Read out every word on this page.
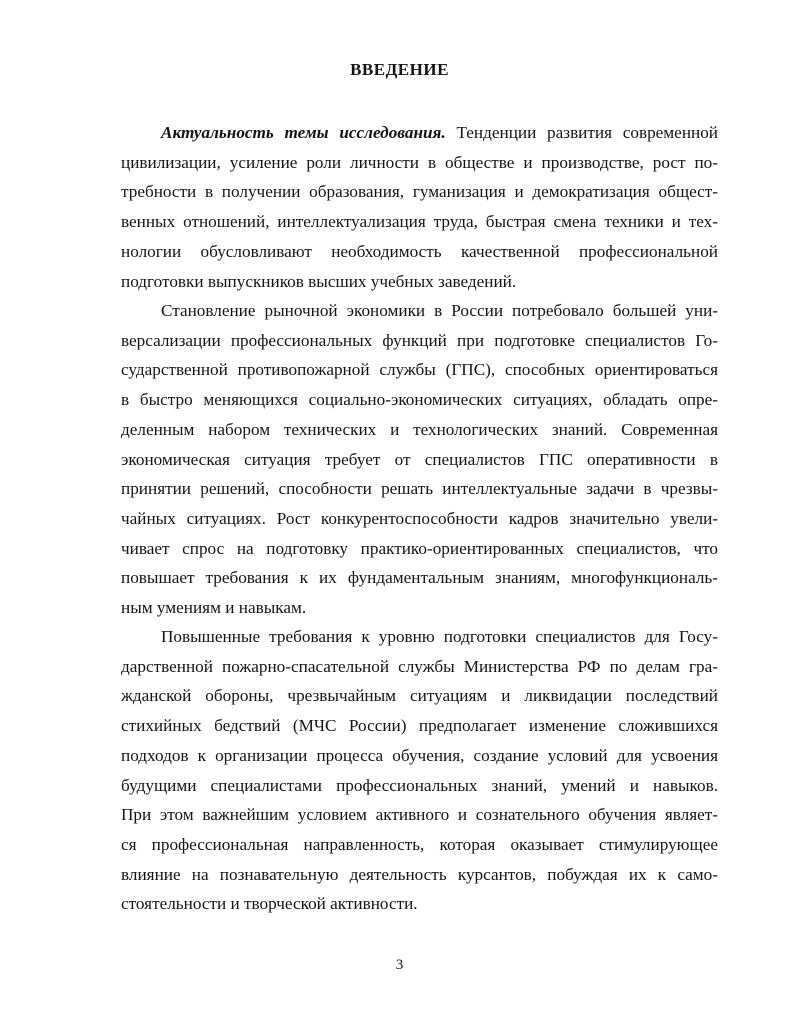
ВВЕДЕНИЕ
Актуальность темы исследования. Тенденции развития современной
цивилизации, усиление роли личности в обществе и производстве, рост по-
требности в получении образования, гуманизация и демократизация общест-
венных отношений, интеллектуализация труда, быстрая смена техники и тех-
нологии обусловливают необходимость качественной профессиональной
подготовки выпускников высших учебных заведений.
Становление рыночной экономики в России потребовало большей уни-
версализации профессиональных функций при подготовке специалистов Го-
сударственной противопожарной службы (ГПС), способных ориентироваться
в быстро меняющихся социально-экономических ситуациях, обладать опре-
деленным набором технических и технологических знаний. Современная
экономическая ситуация требует от специалистов ГПС оперативности в
принятии решений, способности решать интеллектуальные задачи в чрезвы-
чайных ситуациях. Рост конкурентоспособности кадров значительно увели-
чивает спрос на подготовку практико-ориентированных специалистов, что
повышает требования к их фундаментальным знаниям, многофункциональ-
ным умениям и навыкам.
Повышенные требования к уровню подготовки специалистов для Госу-
дарственной пожарно-спасательной службы Министерства РФ по делам гра-
жданской обороны, чрезвычайным ситуациям и ликвидации последствий
стихийных бедствий (МЧС России) предполагает изменение сложившихся
подходов к организации процесса обучения, создание условий для усвоения
будущими специалистами профессиональных знаний, умений и навыков.
При этом важнейшим условием активного и сознательного обучения являет-
ся профессиональная направленность, которая оказывает стимулирующее
влияние на познавательную деятельность курсантов, побуждая их к само-
стоятельности и творческой активности.
3
